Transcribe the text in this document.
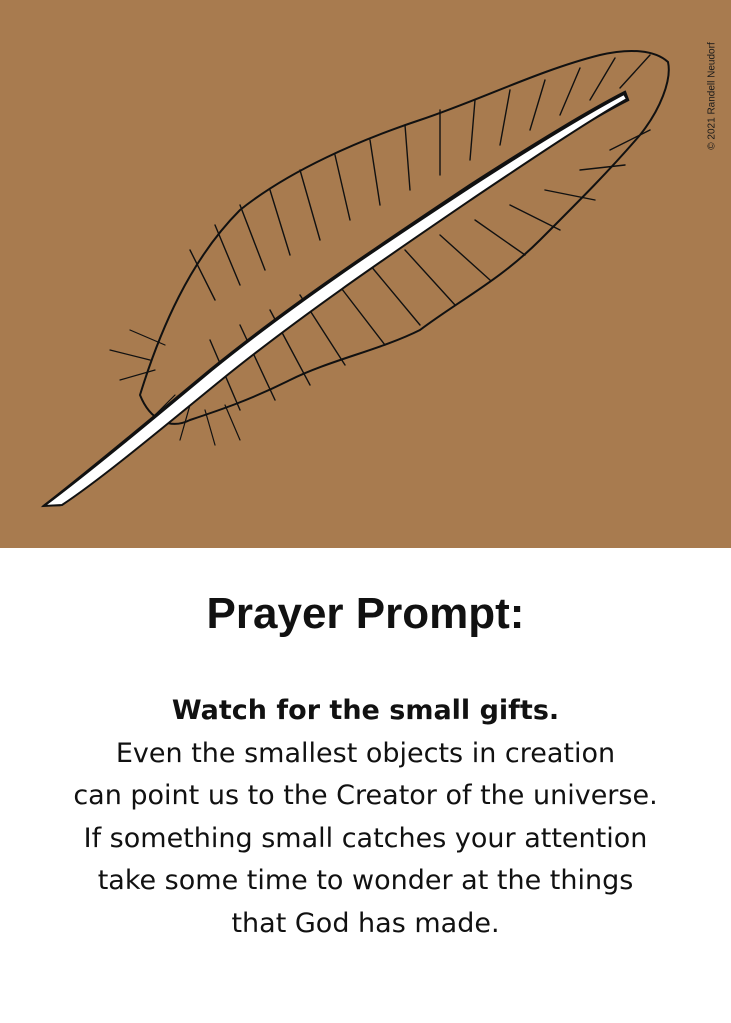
© 2021 Randell Neudorf
Prayer Prompt:
Watch for the small gifts.
Even the smallest objects in creation
can point us to the Creator of the universe.
If something small catches your attention
take some time to wonder at the things
that God has made.
